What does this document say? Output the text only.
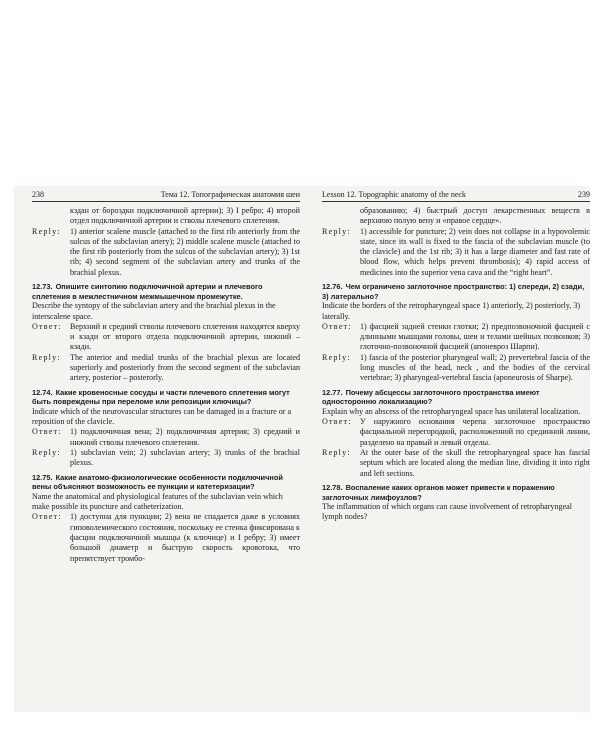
238	Тема 12. Топографическая анатомия шеи
кздан от бороздки подключичной артерии); 3) I ребро; 4) второй отдел подключичной артерии и стволы плечевого сплетения.
Reply:	1) anterior scalene muscle (attached to the first rib anteriorly from the sulcus of the subclavian artery); 2) middle scalene muscle (attached to the first rib posteriorly from the sulcus of the subclavian artery); 3) 1st rib; 4) second segment of the subclavian artery and trunks of the brachial plexus.
12.73. Опишите синтопию подключичной артерии и плечевого сплетения в межлестничном межмышечном промежутке.

Describe the syntopy of the subclavian artery and the brachial plexus in the interscalene space.

Ответ:	Верхний и средний стволы плечевого сплетения находятся кверху и кзади от второго отдела подключичной артерии, нижний – кзади.
Reply:	The anterior and medial trunks of the brachial plexus are located superiorly and posteriorly from the second segment of the subclavian artery, posterior – posterorly.
12.74. Какие кровеносные сосуды и части плечевого сплетения могут быть повреждены при переломе или репозиции ключицы?

Indicate which of the neurovascular structures can be damaged in a fracture or a reposition of the clavicle.

Ответ:	1) подключичная вена; 2) подключичная артерия; 3) средний и нижний стволы плечевого сплетения.
Reply:	1) subclavian vein; 2) subclavian artery; 3) trunks of the brachial plexus.
12.75. Какие анатомо-физиологические особенности подключичной вены объясняют возможность ее пункции и катетеризации?

Name the anatomical and physiological features of the subclavian vein which make possible its puncture and catheterization.

Ответ:	1) доступна для пункции; 2) вена не спадается даже в условиях гиповолемического состояния, поскольку ее стенка фиксирована к фасции подключичной мышцы (к ключице) и I ребру; 3) имеет большой диаметр и быструю скорость кровотока, что препятствует тромбо-
Lesson 12. Topographic anatomy of the neck	239
образованию; 4) быстрый доступ лекарственных веществ в верхнюю полую вену и «правое сердце».
Reply:	1) accessible for puncture; 2) vein does not collapse in a hypovolemic state, since its wall is fixed to the fascia of the subclavian muscle (to the clavicle) and the 1st rib; 3) it has a large diameter and fast rate of blood flow, which helps prevent thrombosis); 4) rapid access of medicines into the superior vena cava and the “right heart”.
12.76. Чем ограничено заглоточное пространство: 1) спереди, 2) сзади, 3) латерально?

Indicate the borders of the retropharyngeal space 1) anteriorly, 2) posteriorly, 3) laterally.

Ответ:	1) фасцией задней стенки глотки; 2) предпозвоночной фасцией с длинными мышцами головы, шеи и телами шейных позвонков; 3) глоточно-позвоночной фасцией (апоневроз Шарпи).
Reply:	1) fascia of the posterior pharyngeal wall; 2) prevertebral fascia of the long muscles of the head, neck , and the bodies of the cervical vertebrae; 3) pharyngeal-vertebral fascia (aponeurosis of Sharpe).
12.77. Почему абсцессы заглоточного пространства имеют односторонню локализацию?

Explain why an abscess of the retropharyngeal space has unilateral localization.

Ответ:	У наружного основания черепа заглоточное пространство фасциальной перегородкой, расположенной по срединной линии, разделено на правый и левый отделы.
Reply:	At the outer base of the skull the retropharyngeal space has fascial septum which are located along the median line, dividing it into right and left sections.
12.78. Воспаление каких органов может привести к поражению заглоточных лимфоузлов?

The inflammation of which organs can cause involvement of retropharyngeal lymph nodes?
